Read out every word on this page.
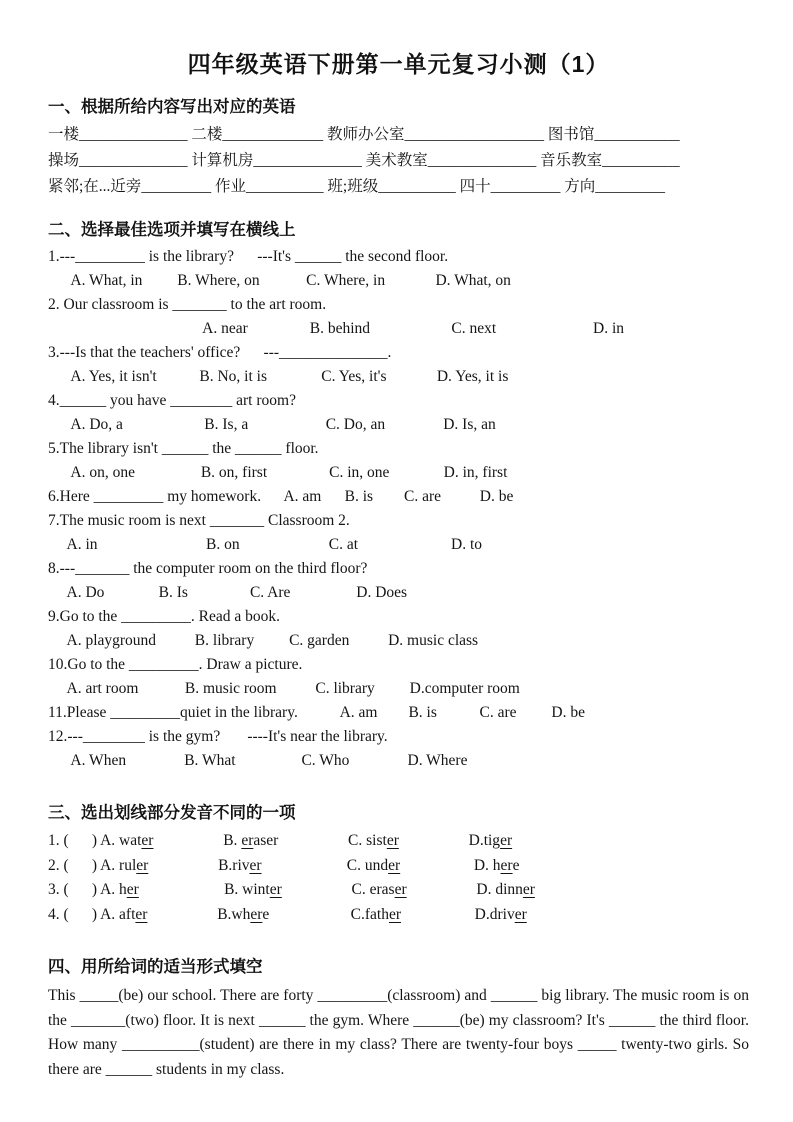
四年级英语下册第一单元复习小测（1）
一、根据所给内容写出对应的英语
一楼______________ 二楼_____________ 教师办公室__________________ 图书馆___________
操场______________ 计算机房______________ 美术教室______________ 音乐教室__________
紧邻;在...近旁_________ 作业__________ 班;班级__________ 四十_________ 方向_________
二、选择最佳选项并填写在横线上
1.---_________ is the library?      ---It's ______ the second floor.
A. What, in         B. Where, on            C. Where, in             D. What, on
2. Our classroom is _______ to the art room.
A. near                B. behind                     C. next                         D. in
3.---Is that the teachers' office?      ---______________.
A. Yes, it isn't           B. No, it is              C. Yes, it's             D. Yes, it is
4.______ you have ________ art room?
A. Do, a                     B. Is, a                    C. Do, an               D. Is, an
5.The library isn't ______ the ______ floor.
A. on, one                 B. on, first                C. in, one              D. in, first
6.Here _________ my homework.      A. am      B. is        C. are          D. be
7.The music room is next _______ Classroom 2.
A. in                            B. on                       C. at                        D. to
8.---_______ the computer room on the third floor?
A. Do              B. Is                C. Are                 D. Does
9.Go to the _________. Read a book.
A. playground          B. library         C. garden          D. music class
10.Go to the _________. Draw a picture.
A. art room            B. music room          C. library         D.computer room
11.Please _________quiet in the library.           A. am        B. is           C. are         D. be
12.---________ is the gym?       ----It's near the library.
A. When               B. What                 C. Who               D. Where
三、选出划线部分发音不同的一项
1. (      ) A. water                  B. eraser                  C. sister                  D.tiger
2. (      ) A. ruler                  B.river                      C. under                   D. here
3. (      ) A. her                      B. winter                  C. eraser                  D. dinner
4. (      ) A. after                  B.where                     C.father                   D.driver
四、用所给词的适当形式填空

This _____(be) our school. There are forty _________(classroom) and ______ big library. The music room is on the _______(two) floor. It is next ______ the gym. Where ______(be) my classroom? It's ______ the third floor. How many __________(student) are there in my class? There are twenty-four boys _____ twenty-two girls. So there are ______ students in my class.
